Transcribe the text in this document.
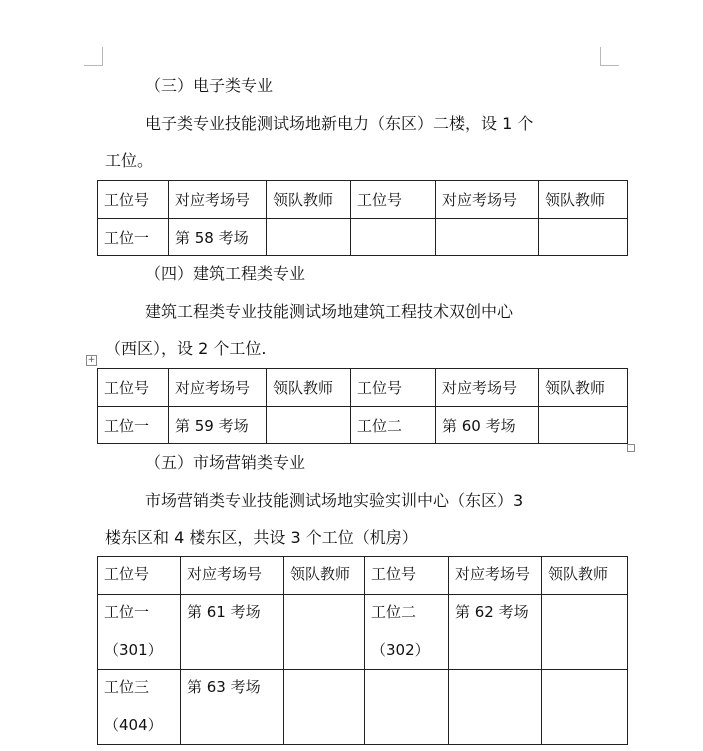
（三）电子类专业
电子类专业技能测试场地新电力（东区）二楼，设 1 个
工位。
工位号	对应考场号	领队教师	工位号	对应考场号	领队教师
工位一	第 58 考场				
（四）建筑工程类专业
建筑工程类专业技能测试场地建筑工程技术双创中心
（西区），设 2 个工位.
+
工位号	对应考场号	领队教师	工位号	对应考场号	领队教师
工位一	第 59 考场		工位二	第 60 考场	
（五）市场营销类专业
市场营销类专业技能测试场地实验实训中心（东区）3
楼东区和 4 楼东区，共设 3 个工位（机房）
工位号	对应考场号	领队教师	工位号	对应考场号	领队教师
工位一
（301）	第 61 考场		工位二
（302）	第 62 考场	
工位三
（404）	第 63 考场				
